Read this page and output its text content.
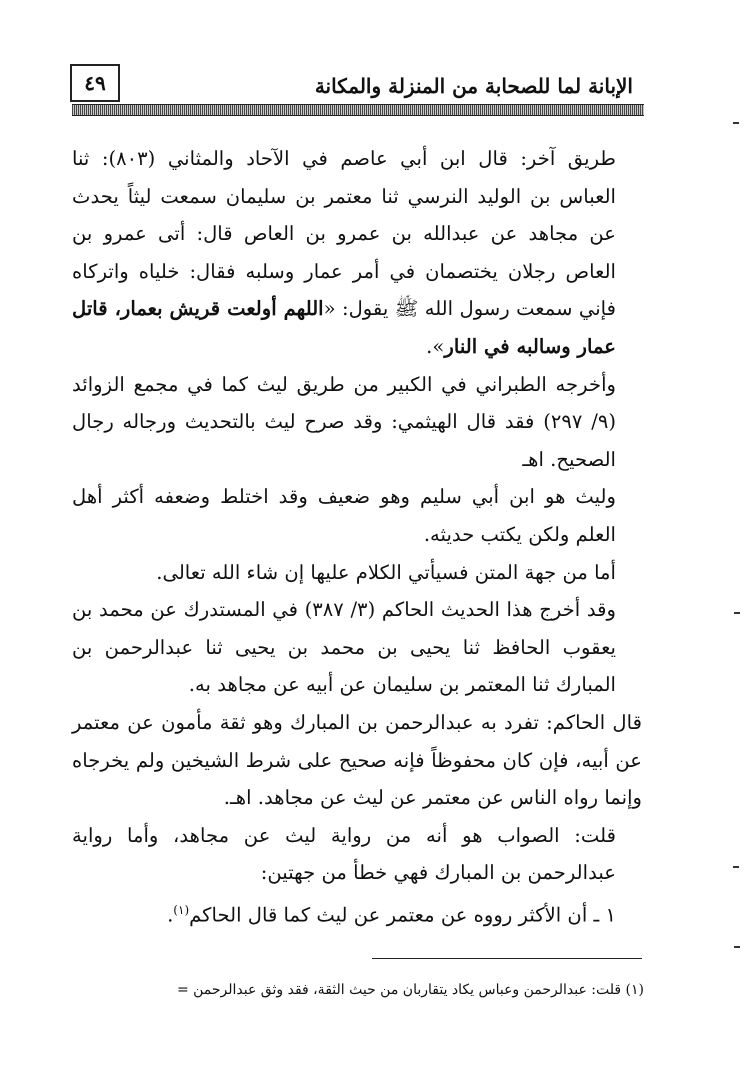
٤٩	الإبانة لما للصحابة من المنزلة والمكانة

طريق آخر: قال ابن أبي عاصم في الآحاد والمثاني (٨٠٣): ثنا العباس بن الوليد النرسي ثنا معتمر بن سليمان سمعت ليثاً يحدث عن مجاهد عن عبدالله بن عمرو بن العاص قال: أتى عمرو بن العاص رجلان يختصمان في أمر عمار وسلبه فقال: خلياه واتركاه فإني سمعت رسول الله ﷺ يقول: «اللهم أولعت قريش بعمار، قاتل عمار وسالبه في النار».

وأخرجه الطبراني في الكبير من طريق ليث كما في مجمع الزوائد (٩/ ٢٩٧) فقد قال الهيثمي: وقد صرح ليث بالتحديث ورجاله رجال الصحيح. اهـ

وليث هو ابن أبي سليم وهو ضعيف وقد اختلط وضعفه أكثر أهل العلم ولكن يكتب حديثه.

أما من جهة المتن فسيأتي الكلام عليها إن شاء الله تعالى.

وقد أخرج هذا الحديث الحاكم (٣/ ٣٨٧) في المستدرك عن محمد بن يعقوب الحافظ ثنا يحيى بن محمد بن يحيى ثنا عبدالرحمن بن المبارك ثنا المعتمر بن سليمان عن أبيه عن مجاهد به.

قال الحاكم: تفرد به عبدالرحمن بن المبارك وهو ثقة مأمون عن معتمر عن أبيه، فإن كان محفوظاً فإنه صحيح على شرط الشيخين ولم يخرجاه وإنما رواه الناس عن معتمر عن ليث عن مجاهد. اهـ.

قلت: الصواب هو أنه من رواية ليث عن مجاهد، وأما رواية عبدالرحمن بن المبارك فهي خطأ من جهتين:

١ ـ أن الأكثر رووه عن معتمر عن ليث كما قال الحاكم$^{(١)}$.

(١) قلت: عبدالرحمن وعباس يكاد يتقاربان من حيث الثقة، فقد وثق عبدالرحمن =
